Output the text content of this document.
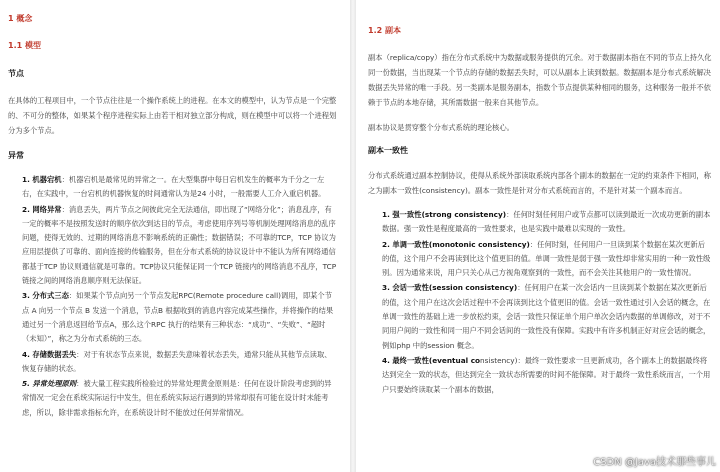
1 概念
1.1 模型
节点

在具体的工程项目中，一个节点往往是一个操作系统上的进程。在本文的模型中，认为节点是一个完整的、不可分的整体，如果某个程序进程实际上由若干相对独立部分构成，则在模型中可以将一个进程划分为多个节点。

异常
1. 机器宕机：机器宕机是最常见的异常之一。在大型集群中每日宕机发生的概率为千分之一左右，在实践中，一台宕机的机器恢复的时间通常认为是24 小时，一般需要人工介入重启机器。
2. 网络异常：消息丢失，两片节点之间彼此完全无法通信，即出现了“网络分化”；消息乱序，有一定的概率不是按照发送时的顺序依次到达目的节点，考虑使用序列号等机制处理网络消息的乱序问题，使得无效的、过期的网络消息不影响系统的正确性；数据错误；不可靠的TCP，TCP 协议为应用层提供了可靠的、面向连接的传输服务，但在分布式系统的协议设计中不能认为所有网络通信都基于TCP 协议则通信就是可靠的。TCP协议只能保证同一个TCP 链接内的网络消息不乱序，TCP 链接之间的网络消息顺序则无法保证。
3. 分布式三态：如果某个节点向另一个节点发起RPC(Remote procedure call)调用，即某个节点 A 向另一个节点 B 发送一个消息，节点B 根据收到的消息内容完成某些操作，并将操作的结果通过另一个消息返回给节点A，那么这个RPC 执行的结果有三种状态：“成功”、“失败”、“超时（未知）”，称之为分布式系统的三态。
4. 存储数据丢失：对于有状态节点来说，数据丢失意味着状态丢失，通常只能从其他节点读取、恢复存储的状态。
5. 异常处理原则：被大量工程实践所检验过的异常处理黄金原则是：任何在设计阶段考虑到的异常情况一定会在系统实际运行中发生，但在系统实际运行遇到的异常却很有可能在设计时未能考虑，所以，除非需求指标允许，在系统设计时不能放过任何异常情况。
1.2 副本

副本（replica/copy）指在分布式系统中为数据或服务提供的冗余。对于数据副本指在不同的节点上持久化同一份数据，当出现某一个节点的存储的数据丢失时，可以从副本上读到数据。数据副本是分布式系统解决数据丢失异常的唯一手段。另一类副本是服务副本，指数个节点提供某种相同的服务，这种服务一般并不依赖于节点的本地存储，其所需数据一般来自其他节点。

副本协议是贯穿整个分布式系统的理论核心。

副本一致性

分布式系统通过副本控制协议，使得从系统外部读取系统内部各个副本的数据在一定的约束条件下相同，称之为副本一致性(consistency)。副本一致性是针对分布式系统而言的，不是针对某一个副本而言。

1. 强一致性(strong consistency)：任何时刻任何用户或节点都可以读到最近一次成功更新的副本数据。强一致性是程度最高的一致性要求，也是实践中最难以实现的一致性。
2. 单调一致性(monotonic consistency)：任何时刻，任何用户一旦读到某个数据在某次更新后的值，这个用户不会再读到比这个值更旧的值。单调一致性是弱于强一致性却非常实用的一种一致性级别。因为通常来说，用户只关心从己方视角观察到的一致性，而不会关注其他用户的一致性情况。
3. 会话一致性(session consistency)：任何用户在某一次会话内一旦读到某个数据在某次更新后的值，这个用户在这次会话过程中不会再读到比这个值更旧的值。会话一致性通过引入会话的概念，在单调一致性的基础上进一步放松约束，会话一致性只保证单个用户单次会话内数据的单调修改，对于不同用户间的一致性和同一用户不同会话间的一致性没有保障。实践中有许多机制正好对应会话的概念，例如php 中的session 概念。
4. 最终一致性(eventual consistency)：最终一致性要求一旦更新成功，各个副本上的数据最终将达到完全一致的状态，但达到完全一致状态所需要的时间不能保障。对于最终一致性系统而言，一个用户只要始终读取某一个副本的数据，
CSDN @Java技术那些事儿
